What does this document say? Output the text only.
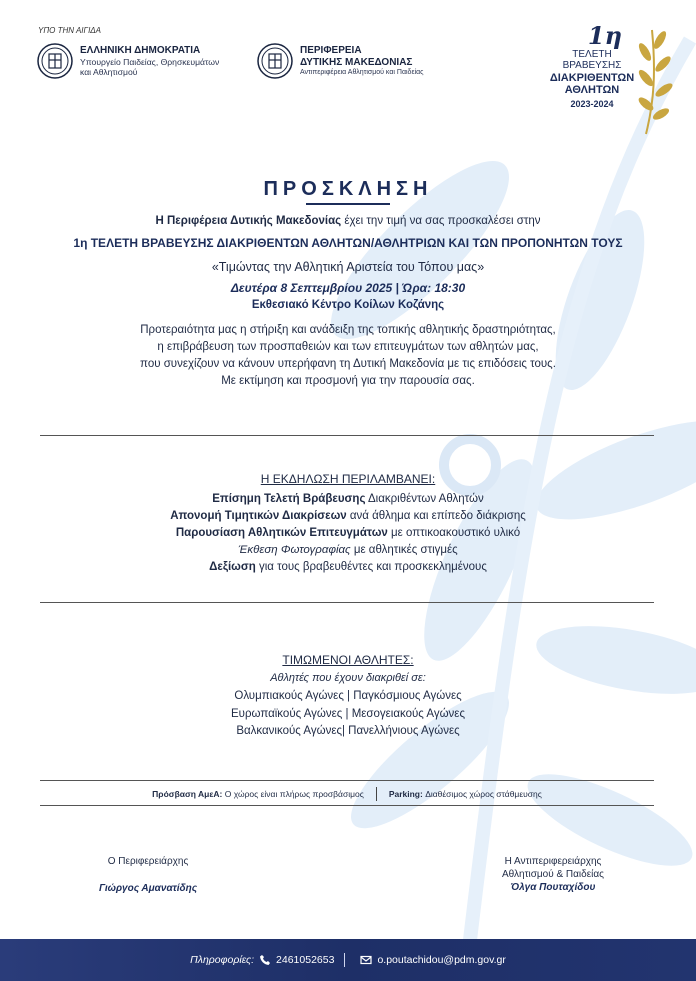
ΥΠΟ ΤΗΝ ΑΙΓΙΔΑ
ΕΛΛΗΝΙΚΗ ΔΗΜΟΚΡΑΤΙΑ
Υπουργείο Παιδείας, Θρησκευμάτων
και Αθλητισμού
ΠΕΡΙΦΕΡΕΙΑ
ΔΥΤΙΚΗΣ ΜΑΚΕΔΟΝΙΑΣ
Αντιπεριφέρεια Αθλητισμού και Παιδείας
1η
ΤΕΛΕΤΗ
ΒΡΑΒΕΥΣΗΣ
ΔΙΑΚΡΙΘΕΝΤΩΝ
ΑΘΛΗΤΩΝ
2023-2024
ΠΡΟΣΚΛΗΣΗ
Η Περιφέρεια Δυτικής Μακεδονίας έχει την τιμή να σας προσκαλέσει στην
1η ΤΕΛΕΤΗ ΒΡΑΒΕΥΣΗΣ ΔΙΑΚΡΙΘΕΝΤΩΝ ΑΘΛΗΤΩΝ/ΑΘΛΗΤΡΙΩΝ ΚΑΙ ΤΩΝ ΠΡΟΠΟΝΗΤΩΝ ΤΟΥΣ
«Τιμώντας την Αθλητική Αριστεία του Τόπου μας»
Δευτέρα 8 Σεπτεμβρίου 2025 | Ώρα: 18:30
Εκθεσιακό Κέντρο Κοίλων Κοζάνης
Προτεραιότητα μας η στήριξη και ανάδειξη της τοπικής αθλητικής δραστηριότητας,
η επιβράβευση των προσπαθειών και των επιτευγμάτων των αθλητών μας,
που συνεχίζουν να κάνουν υπερήφανη τη Δυτική Μακεδονία με τις επιδόσεις τους.
Με εκτίμηση και προσμονή για την παρουσία σας.
Η ΕΚΔΗΛΩΣΗ ΠΕΡΙΛΑΜΒΑΝΕΙ:
Επίσημη Τελετή Βράβευσης Διακριθέντων Αθλητών
Απονομή Τιμητικών Διακρίσεων ανά άθλημα και επίπεδο διάκρισης
Παρουσίαση Αθλητικών Επιτευγμάτων με οπτικοακουστικό υλικό
Έκθεση Φωτογραφίας με αθλητικές στιγμές
Δεξίωση για τους βραβευθέντες και προσκεκλημένους
ΤΙΜΩΜΕΝΟΙ ΑΘΛΗΤΕΣ:
Αθλητές που έχουν διακριθεί σε:
Ολυμπιακούς Αγώνες | Παγκόσμιους Αγώνες
Ευρωπαϊκούς Αγώνες | Μεσογειακούς Αγώνες
Βαλκανικούς Αγώνες| Πανελλήνιους Αγώνες
Πρόσβαση ΑμεΑ: Ο χώρος είναι πλήρως προσβάσιμος	Parking: Διαθέσιμος χώρος στάθμευσης
Ο Περιφερειάρχης
Γιώργος Αμανατίδης
Η Αντιπεριφερειάρχης
Αθλητισμού & Παιδείας
Όλγα Πουταχίδου
Πληροφορίες: 2461052653	o.poutachidou@pdm.gov.gr
